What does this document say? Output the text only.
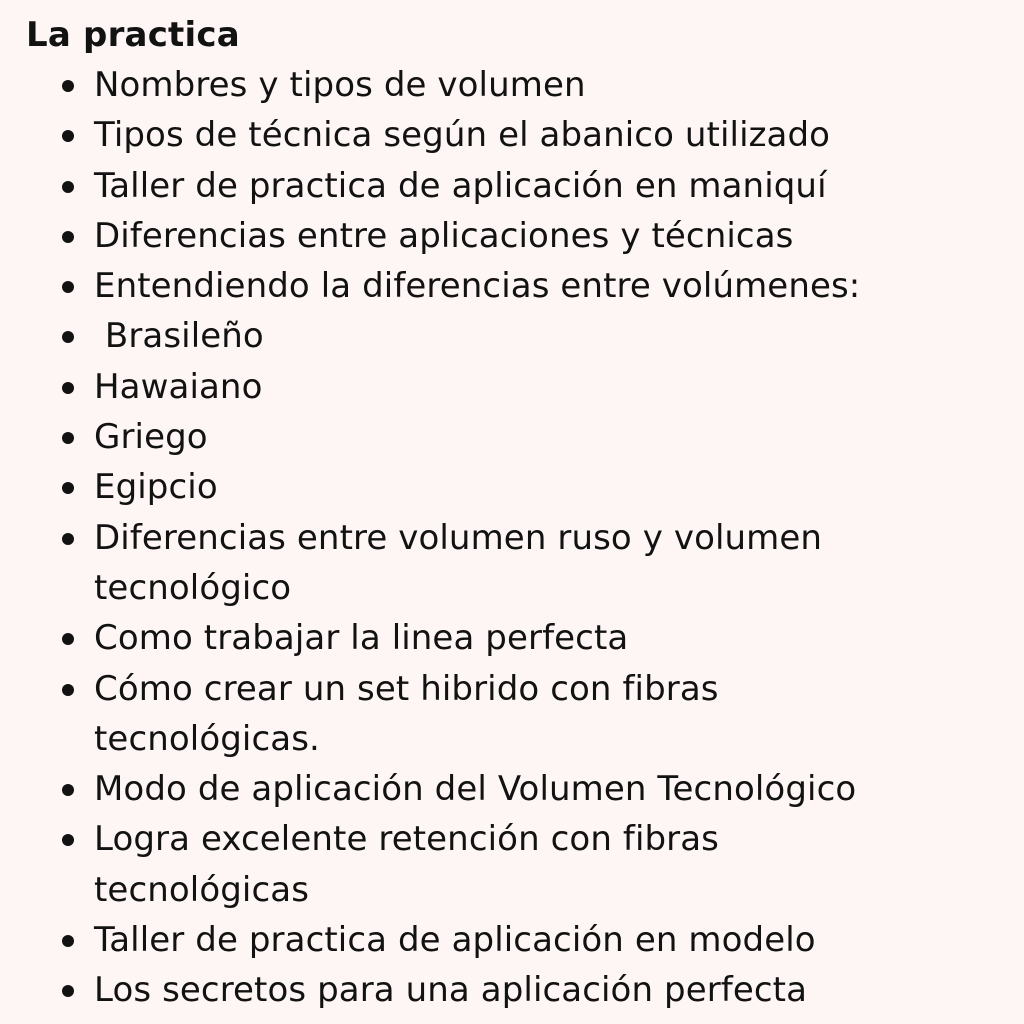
La practica
Nombres y tipos de volumen
Tipos de técnica según el abanico utilizado
Taller de practica de aplicación en maniquí
Diferencias entre aplicaciones y técnicas
Entendiendo la diferencias entre volúmenes:
Brasileño
Hawaiano
Griego
Egipcio
Diferencias entre volumen ruso y volumen
tecnológico
Como trabajar la linea perfecta
Cómo crear un set hibrido con fibras
tecnológicas.
Modo de aplicación del Volumen Tecnológico
Logra excelente retención con fibras
tecnológicas
Taller de practica de aplicación en modelo
Los secretos para una aplicación perfecta
